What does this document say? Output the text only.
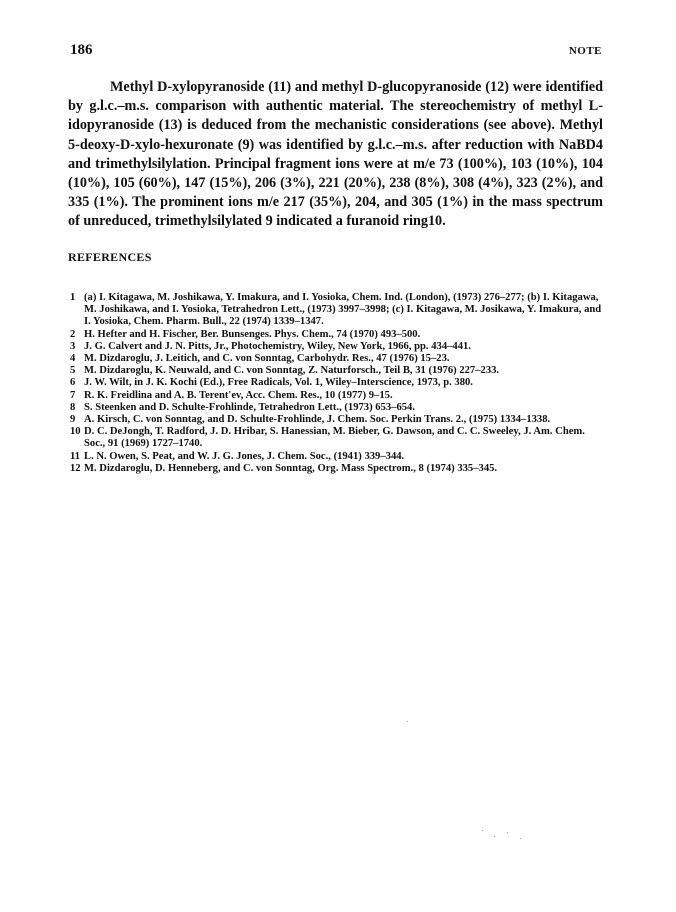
186	NOTE

Methyl D-xylopyranoside (11) and methyl D-glucopyranoside (12) were identified by g.l.c.–m.s. comparison with authentic material. The stereochemistry of methyl L-idopyranoside (13) is deduced from the mechanistic considerations (see above). Methyl 5-deoxy-D-xylo-hexuronate (9) was identified by g.l.c.–m.s. after reduction with NaBD4 and trimethylsilylation. Principal fragment ions were at m/e 73 (100%), 103 (10%), 104 (10%), 105 (60%), 147 (15%), 206 (3%), 221 (20%), 238 (8%), 308 (4%), 323 (2%), and 335 (1%). The prominent ions m/e 217 (35%), 204, and 305 (1%) in the mass spectrum of unreduced, trimethylsilylated 9 indicated a furanoid ring10.

REFERENCES
1 (a) I. Kitagawa, M. Joshikawa, Y. Imakura, and I. Yosioka, Chem. Ind. (London), (1973) 276–277; (b) I. Kitagawa, M. Joshikawa, and I. Yosioka, Tetrahedron Lett., (1973) 3997–3998; (c) I. Kitagawa, M. Josikawa, Y. Imakura, and I. Yosioka, Chem. Pharm. Bull., 22 (1974) 1339–1347.
2 H. Hefter and H. Fischer, Ber. Bunsenges. Phys. Chem., 74 (1970) 493–500.
3 J. G. Calvert and J. N. Pitts, Jr., Photochemistry, Wiley, New York, 1966, pp. 434–441.
4 M. Dizdaroglu, J. Leitich, and C. von Sonntag, Carbohydr. Res., 47 (1976) 15–23.
5 M. Dizdaroglu, K. Neuwald, and C. von Sonntag, Z. Naturforsch., Teil B, 31 (1976) 227–233.
6 J. W. Wilt, in J. K. Kochi (Ed.), Free Radicals, Vol. 1, Wiley–Interscience, 1973, p. 380.
7 R. K. Freidlina and A. B. Terent'ev, Acc. Chem. Res., 10 (1977) 9–15.
8 S. Steenken and D. Schulte-Frohlinde, Tetrahedron Lett., (1973) 653–654.
9 A. Kirsch, C. von Sonntag, and D. Schulte-Frohlinde, J. Chem. Soc. Perkin Trans. 2., (1975) 1334–1338.
10 D. C. DeJongh, T. Radford, J. D. Hribar, S. Hanessian, M. Bieber, G. Dawson, and C. C. Sweeley, J. Am. Chem. Soc., 91 (1969) 1727–1740.
11 L. N. Owen, S. Peat, and W. J. G. Jones, J. Chem. Soc., (1941) 339–344.
12 M. Dizdaroglu, D. Henneberg, and C. von Sonntag, Org. Mass Spectrom., 8 (1974) 335–345.
